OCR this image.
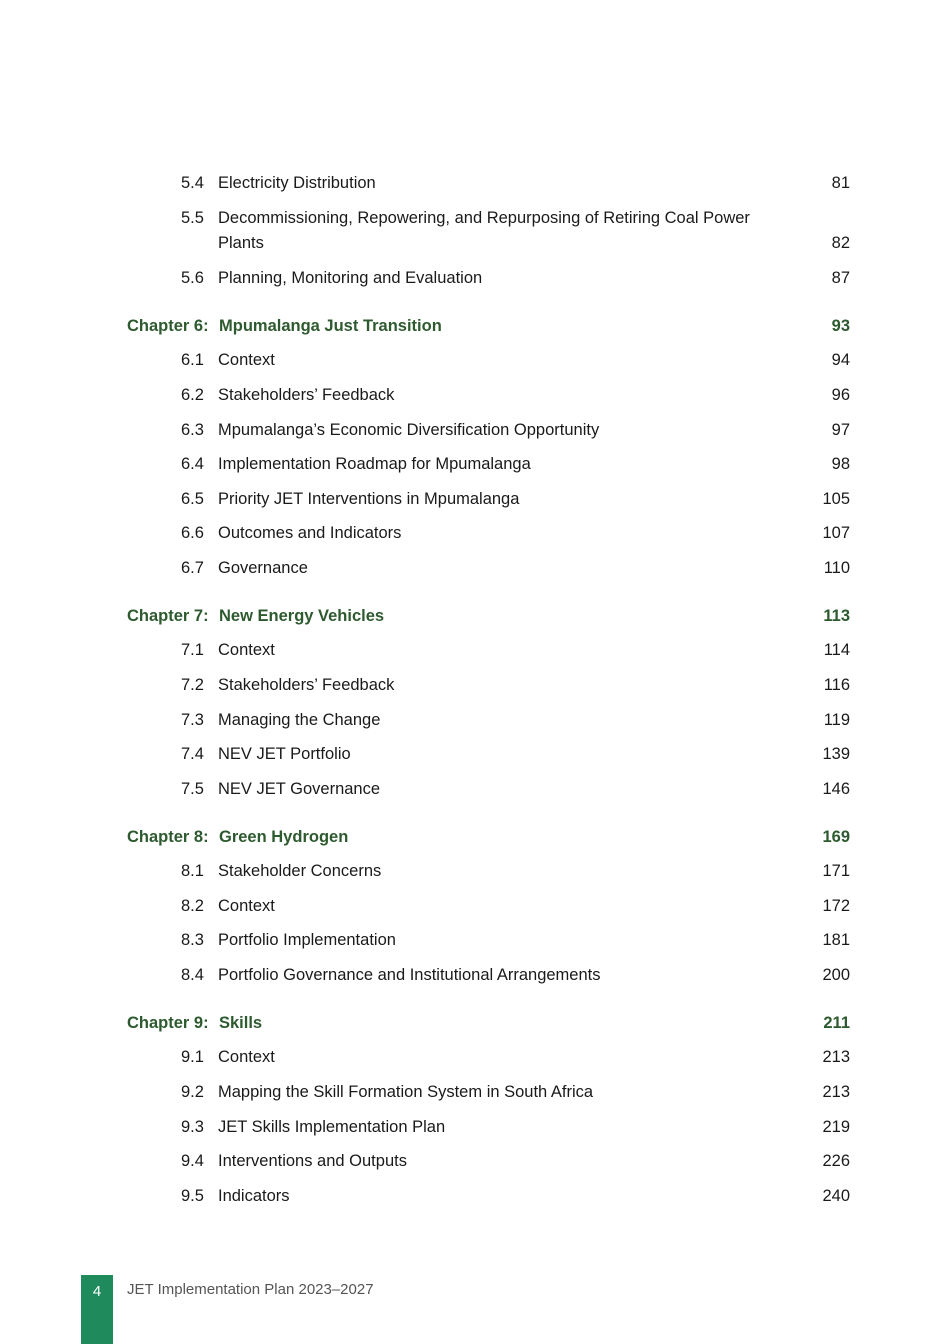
5.4 Electricity Distribution	81
5.5 Decommissioning, Repowering, and Repurposing of Retiring Coal Power
Plants	82
5.6 Planning, Monitoring and Evaluation	87
Chapter 6: Mpumalanga Just Transition	93
6.1 Context	94
6.2 Stakeholders’ Feedback	96
6.3 Mpumalanga’s Economic Diversification Opportunity	97
6.4 Implementation Roadmap for Mpumalanga	98
6.5 Priority JET Interventions in Mpumalanga	105
6.6 Outcomes and Indicators	107
6.7 Governance	110
Chapter 7: New Energy Vehicles	113
7.1 Context	114
7.2 Stakeholders’ Feedback	116
7.3 Managing the Change	119
7.4 NEV JET Portfolio	139
7.5 NEV JET Governance	146
Chapter 8: Green Hydrogen	169
8.1 Stakeholder Concerns	171
8.2 Context	172
8.3 Portfolio Implementation	181
8.4 Portfolio Governance and Institutional Arrangements	200
Chapter 9: Skills	211
9.1 Context	213
9.2 Mapping the Skill Formation System in South Africa	213
9.3 JET Skills Implementation Plan	219
9.4 Interventions and Outputs	226
9.5 Indicators	240
4	JET Implementation Plan 2023–2027
